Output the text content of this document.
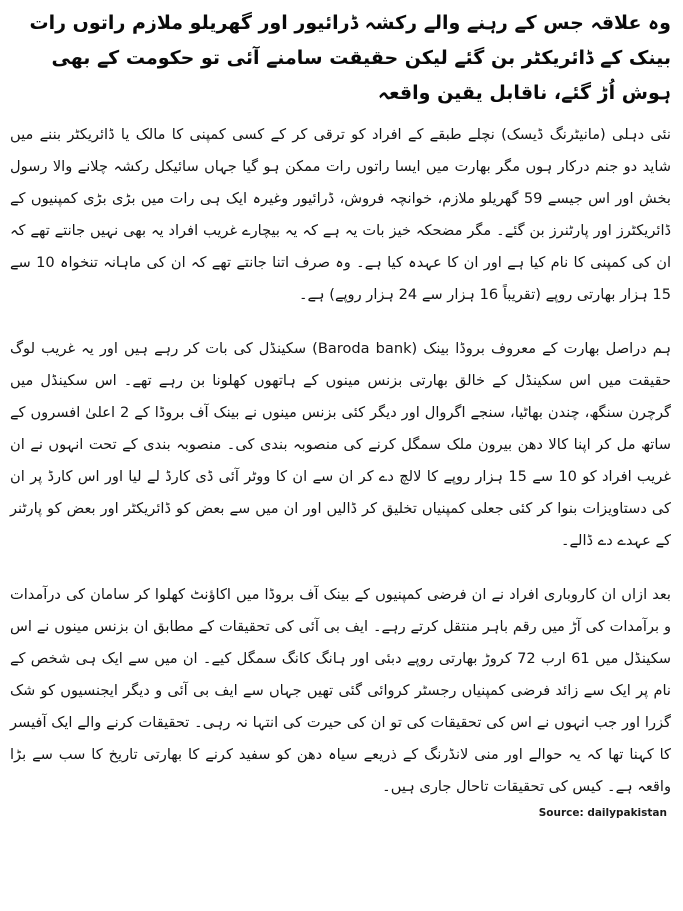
وہ علاقہ جس کے رہنے والے رکشہ ڈرائیور اور گھریلو ملازم راتوں رات بینک کے ڈائریکٹر بن گئے لیکن حقیقت سامنے آئی تو حکومت کے بھی ہوش اُڑ گئے، ناقابل یقین واقعہ

نئی دہلی (مانیٹرنگ ڈیسک) نچلے طبقے کے افراد کو ترقی کر کے کسی کمپنی کا مالک یا ڈائریکٹر بننے میں شاید دو جنم درکار ہوں مگر بھارت میں ایسا راتوں رات ممکن ہو گیا جہاں سائیکل رکشہ چلانے والا رسول بخش اور اس جیسے 59 گھریلو ملازم، خوانچہ فروش، ڈرائیور وغیرہ ایک ہی رات میں بڑی بڑی کمپنیوں کے ڈائریکٹرز اور پارٹنرز بن گئے۔ مگر مضحکہ خیز بات یہ ہے کہ یہ بیچارے غریب افراد یہ بھی نہیں جانتے تھے کہ ان کی کمپنی کا نام کیا ہے اور ان کا عہدہ کیا ہے۔ وہ صرف اتنا جانتے تھے کہ ان کی ماہانہ تنخواہ 10 سے 15 ہزار بھارتی روپے (تقریباً 16 ہزار سے 24 ہزار روپے) ہے۔

ہم دراصل بھارت کے معروف بروڈا بینک (Baroda bank) سکینڈل کی بات کر رہے ہیں اور یہ غریب لوگ حقیقت میں اس سکینڈل کے خالق بھارتی بزنس مینوں کے ہاتھوں کھلونا بن رہے تھے۔ اس سکینڈل میں گرچرن سنگھ، چندن بھاٹیا، سنجے اگروال اور دیگر کئی بزنس مینوں نے بینک آف بروڈا کے 2 اعلیٰ افسروں کے ساتھ مل کر اپنا کالا دھن بیرون ملک سمگل کرنے کی منصوبہ بندی کی۔ منصوبہ بندی کے تحت انہوں نے ان غریب افراد کو 10 سے 15 ہزار روپے کا لالچ دے کر ان سے ان کا ووٹر آئی ڈی کارڈ لے لیا اور اس کارڈ پر ان کی دستاویزات بنوا کر کئی جعلی کمپنیاں تخلیق کر ڈالیں اور ان میں سے بعض کو ڈائریکٹر اور بعض کو پارٹنر کے عہدے دے ڈالے۔

بعد ازاں ان کاروباری افراد نے ان فرضی کمپنیوں کے بینک آف بروڈا میں اکاﺅنٹ کھلوا کر سامان کی درآمدات و برآمدات کی آڑ میں رقم باہر منتقل کرتے رہے۔ ایف بی آئی کی تحقیقات کے مطابق ان بزنس مینوں نے اس سکینڈل میں 61 ارب 72 کروڑ بھارتی روپے دبئی اور ہانگ کانگ سمگل کیے۔ ان میں سے ایک ہی شخص کے نام پر ایک سے زائد فرضی کمپنیاں رجسٹر کروائی گئی تھیں جہاں سے ایف بی آئی و دیگر ایجنسیوں کو شک گزرا اور جب انہوں نے اس کی تحقیقات کی تو ان کی حیرت کی انتہا نہ رہی۔ تحقیقات کرنے والے ایک آفیسر کا کہنا تھا کہ یہ حوالے اور منی لانڈرنگ کے ذریعے سیاہ دھن کو سفید کرنے کا بھارتی تاریخ کا سب سے بڑا واقعہ ہے۔ کیس کی تحقیقات تاحال جاری ہیں۔

Source: dailypakistan
